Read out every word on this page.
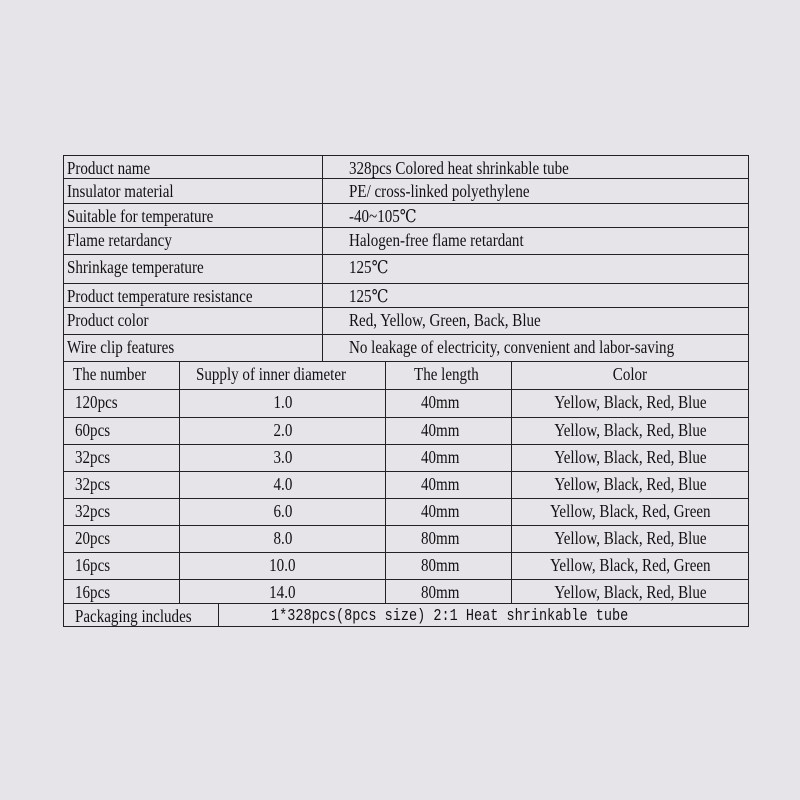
Product name	328pcs Colored heat shrinkable tube
Insulator material	PE/ cross-linked polyethylene
Suitable for temperature	-40~105℃
Flame retardancy	Halogen-free flame retardant
Shrinkage temperature	125℃
Product temperature resistance	125℃
Product color	Red, Yellow, Green, Back, Blue
Wire clip features	No leakage of electricity, convenient and labor-saving
The number	Supply of inner diameter	The length	Color
120pcs	1.0	40mm	Yellow, Black, Red, Blue
60pcs	2.0	40mm	Yellow, Black, Red, Blue
32pcs	3.0	40mm	Yellow, Black, Red, Blue
32pcs	4.0	40mm	Yellow, Black, Red, Blue
32pcs	6.0	40mm	Yellow, Black, Red, Green
20pcs	8.0	80mm	Yellow, Black, Red, Blue
16pcs	10.0	80mm	Yellow, Black, Red, Green
16pcs	14.0	80mm	Yellow, Black, Red, Blue
Packaging includes	1*328pcs(8pcs size) 2:1 Heat shrinkable tube
